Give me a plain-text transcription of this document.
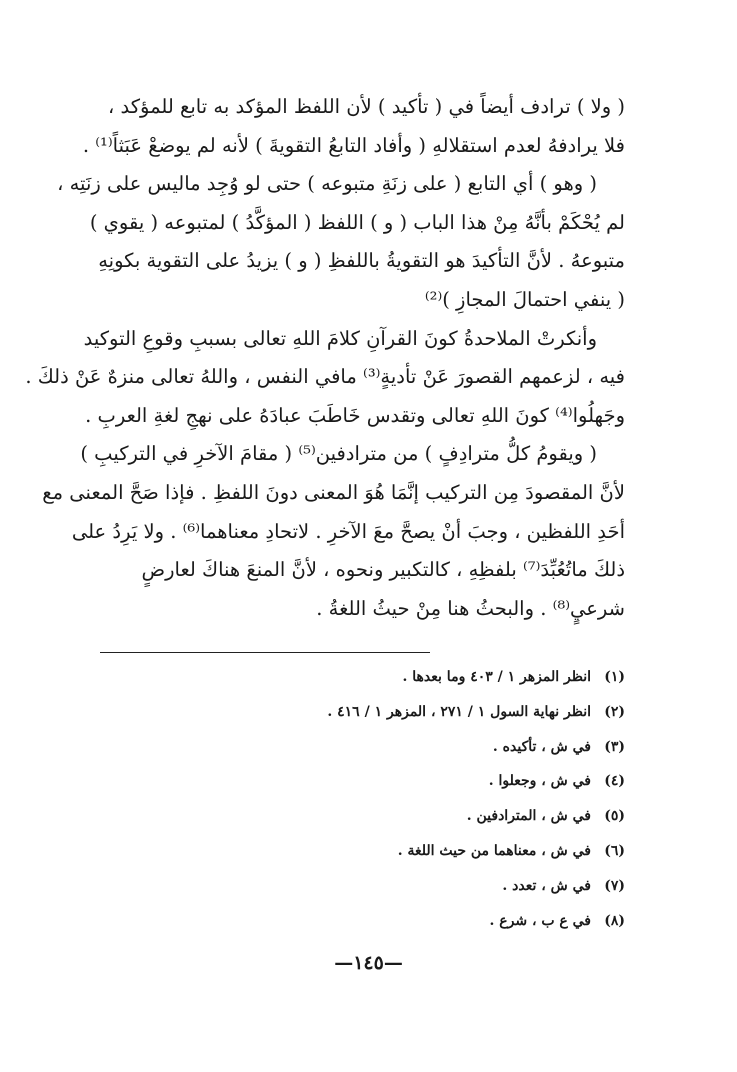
( ولا ) ترادف أيضاً في ( تأكيد ) لأن اللفظ المؤكد به تابع للمؤكد ،
فلا يرادفهُ لعدم استقلالهِ ( وأفاد التابعُ التقويةَ ) لأنه لم يوضعْ عَبَثاً⁽¹⁾ .
( وهو ) أي التابع ( على زنَةِ متبوعه ) حتى لو وُجِد ماليس على زنَتِه ،
لم يُحْكَمْ بأنَّهُ مِنْ هذا الباب ( و ) اللفظ ( المؤكَّدُ ) لمتبوعه ( يقوي )
متبوعهُ . لأنَّ التأكيدَ هو التقويةُ باللفظِ ( و ) يزيدُ على التقوية بكونِهِ
( ينفي احتمالَ المجازِ )⁽²⁾
وأنكرتْ الملاحدةُ كونَ القرآنِ كلامَ اللهِ تعالى بسببِ وقوعِ التوكيد
فيه ، لزعمهم القصورَ عَنْ تأديةٍ⁽³⁾ مافي النفس ، واللهُ تعالى منزهٌ عَنْ ذلكَ .
وجَهلُوا⁽⁴⁾ كونَ اللهِ تعالى وتقدس خَاطَبَ عبادَهُ على نهجِ لغةِ العربِ .
( ويقومُ كلُّ مترادِفٍ ) من مترادفين⁽⁵⁾ ( مقامَ الآخرِ في التركيبِ )
لأنَّ المقصودَ مِن التركيب إنَّمَا هُوَ المعنى دونَ اللفظِ . فإذا صَحَّ المعنى مع
أحَدِ اللفظين ، وجبَ أنْ يصحَّ معَ الآخرِ . لاتحادِ معناهما⁽⁶⁾ . ولا يَرِدُ على
ذلكَ ماتُعُبِّدَ⁽⁷⁾ بلفظِهِ ، كالتكبير ونحوه ، لأنَّ المنعَ هناكَ لعارضٍ
شرعيٍ⁽⁸⁾ . والبحثُ هنا مِنْ حيثُ اللغةُ .
(١)انظر المزهر ١ / ٤٠٣ وما بعدها .
(٢)انظر نهاية السول ١ / ٢٧١ ، المزهر ١ / ٤١٦ .
(٣)في ش ، تأكيده .
(٤)في ش ، وجعلوا .
(٥)في ش ، المترادفين .
(٦)في ش ، معناهما من حيث اللغة .
(٧)في ش ، تعدد .
(٨)في ع ب ، شرع .
—١٤٥—
